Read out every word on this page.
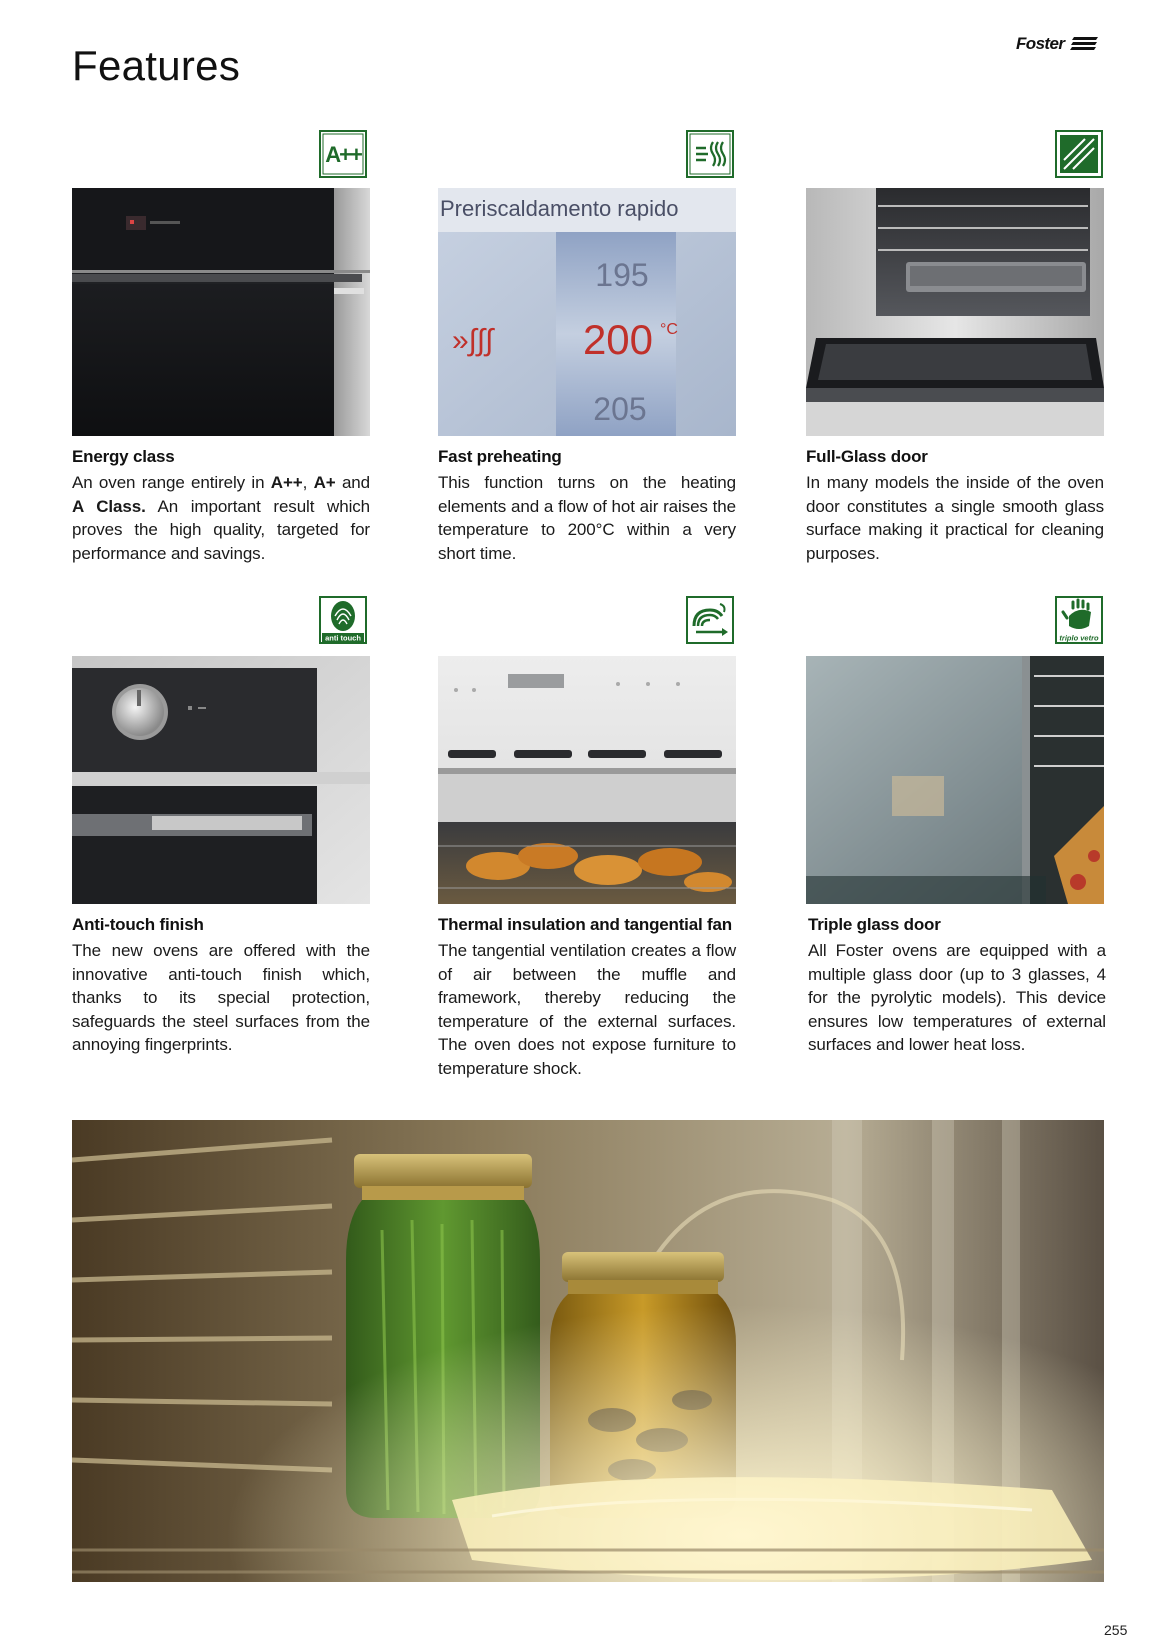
Features	Foster
A++
Energy class

An oven range entirely in A++, A+ and A Class. An important result which proves the high quality, targeted for performance and savings.

Preriscaldamento rapido
195
200 °C
205
»∫∫∫
Fast preheating

This function turns on the heating elements and a flow of hot air raises the temperature to 200°C within a very short time.

Full-Glass door

In many models the inside of the oven door constitutes a single smooth glass surface making it practical for cleaning purposes.

anti touch
Anti-touch finish

The new ovens are offered with the innovative anti-touch finish which, thanks to its special protection, safeguards the steel surfaces from the annoying fingerprints.

Thermal insulation and tangential fan

The tangential ventilation creates a flow of air between the muffle and framework, thereby reducing the temperature of the external surfaces. The oven does not expose furniture to temperature shock.

triplo vetro
Triple glass door

All Foster ovens are equipped with a multiple glass door (up to 3 glasses, 4 for the pyrolytic models). This device ensures low temperatures of external surfaces and lower heat loss.

255
